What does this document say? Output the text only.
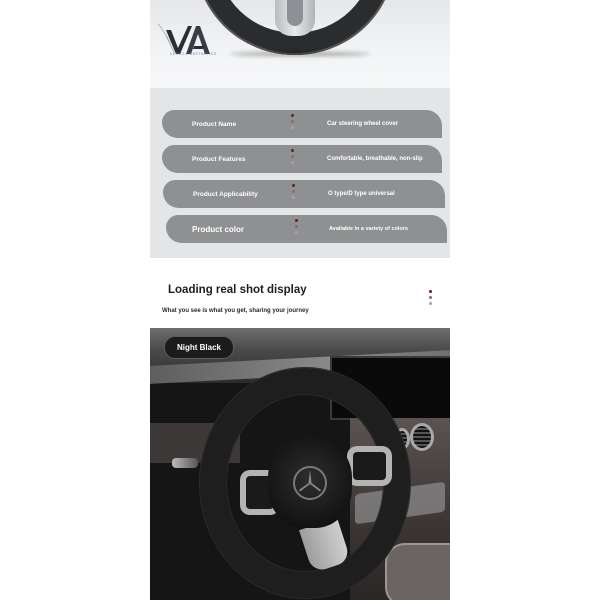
VEHICLE AESTHETICS
Product Name	Car steering wheel cover
Product Features	Comfortable, breathable, non-slip
Product Applicability	O type/D type universal
Product color	Available in a variety of colors
Loading real shot display
What you see is what you get, sharing your journey
Night Black
